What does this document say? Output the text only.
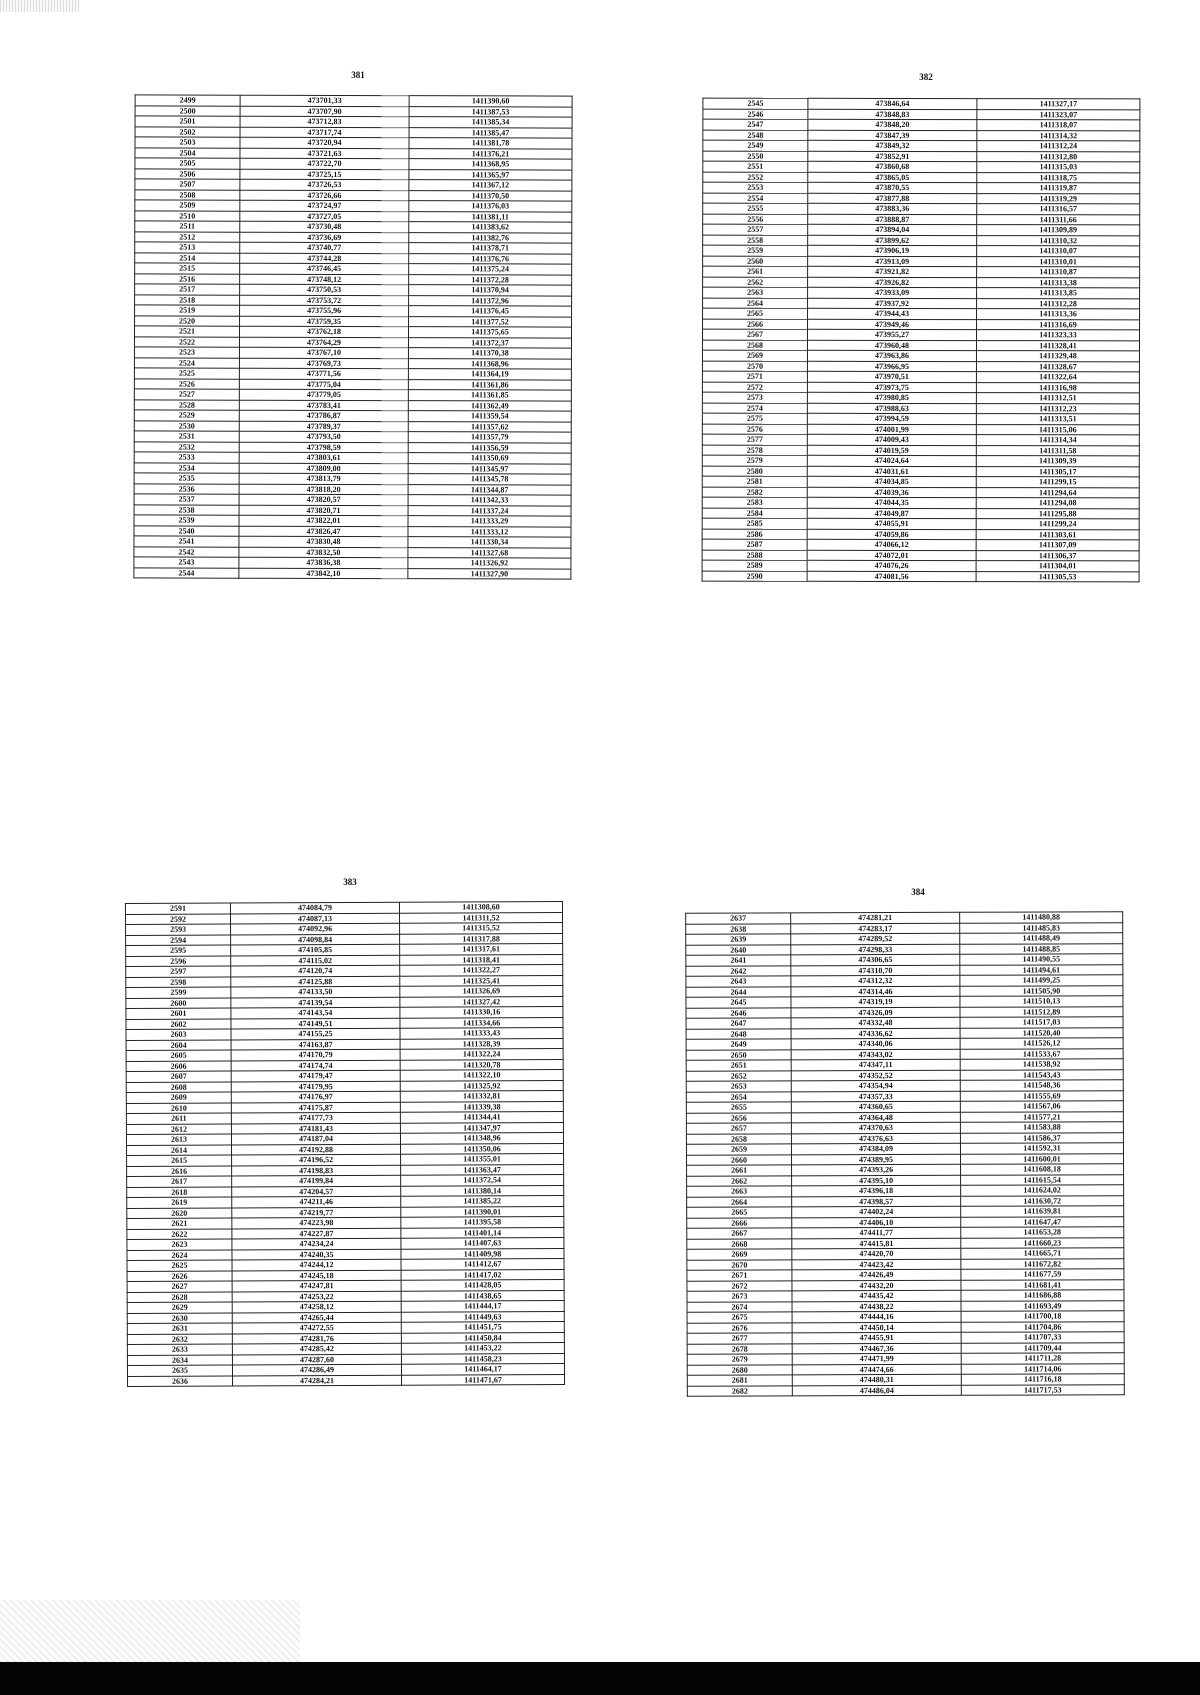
381
2499	473701,33	1411390,60
2500	473707,90	1411387,53
2501	473712,83	1411385,34
2502	473717,74	1411385,47
2503	473720,94	1411381,78
2504	473721,63	1411376,21
2505	473722,70	1411368,95
2506	473725,15	1411365,97
2507	473726,53	1411367,12
2508	473726,66	1411370,50
2509	473724,97	1411376,03
2510	473727,05	1411381,11
2511	473730,48	1411383,62
2512	473736,69	1411382,76
2513	473740,77	1411378,71
2514	473744,28	1411376,76
2515	473746,45	1411375,24
2516	473748,12	1411372,28
2517	473750,53	1411370,94
2518	473753,72	1411372,96
2519	473755,96	1411376,45
2520	473759,35	1411377,52
2521	473762,18	1411375,65
2522	473764,29	1411372,37
2523	473767,10	1411370,38
2524	473769,73	1411368,96
2525	473771,56	1411364,19
2526	473775,04	1411361,86
2527	473779,05	1411361,85
2528	473783,41	1411362,49
2529	473786,87	1411359,54
2530	473789,37	1411357,62
2531	473793,50	1411357,79
2532	473798,59	1411356,59
2533	473803,61	1411350,69
2534	473809,00	1411345,97
2535	473813,79	1411345,78
2536	473818,20	1411344,87
2537	473820,57	1411342,33
2538	473820,71	1411337,24
2539	473822,01	1411333,29
2540	473826,47	1411333,12
2541	473830,48	1411330,34
2542	473832,50	1411327,68
2543	473836,38	1411326,92
2544	473842,10	1411327,90
382
2545	473846,64	1411327,17
2546	473848,83	1411323,07
2547	473848,20	1411318,07
2548	473847,39	1411314,32
2549	473849,32	1411312,24
2550	473852,91	1411312,80
2551	473860,68	1411315,03
2552	473865,05	1411318,75
2553	473870,55	1411319,87
2554	473877,88	1411319,29
2555	473883,36	1411316,57
2556	473888,87	1411311,66
2557	473894,04	1411309,89
2558	473899,62	1411310,32
2559	473906,19	1411310,07
2560	473913,09	1411310,01
2561	473921,82	1411310,87
2562	473926,82	1411313,38
2563	473933,09	1411313,85
2564	473937,92	1411312,28
2565	473944,43	1411313,36
2566	473949,46	1411316,69
2567	473955,27	1411323,33
2568	473960,48	1411328,41
2569	473963,86	1411329,48
2570	473966,95	1411328,67
2571	473970,51	1411322,64
2572	473973,75	1411316,98
2573	473980,85	1411312,51
2574	473988,63	1411312,23
2575	473994,59	1411313,51
2576	474001,99	1411315,06
2577	474009,43	1411314,34
2578	474019,59	1411311,58
2579	474024,64	1411309,39
2580	474031,61	1411305,17
2581	474034,85	1411299,15
2582	474039,36	1411294,64
2583	474044,35	1411294,08
2584	474049,87	1411295,88
2585	474055,91	1411299,24
2586	474059,86	1411303,61
2587	474066,12	1411307,09
2588	474072,01	1411306,37
2589	474076,26	1411304,01
2590	474081,56	1411305,53
383
2591	474084,79	1411308,60
2592	474087,13	1411311,52
2593	474092,96	1411315,52
2594	474098,84	1411317,88
2595	474105,85	1411317,61
2596	474115,02	1411318,41
2597	474120,74	1411322,27
2598	474125,88	1411325,41
2599	474133,50	1411326,69
2600	474139,54	1411327,42
2601	474143,54	1411330,16
2602	474149,51	1411334,66
2603	474155,25	1411333,43
2604	474163,87	1411328,39
2605	474170,79	1411322,24
2606	474174,74	1411320,78
2607	474179,47	1411322,10
2608	474179,95	1411325,92
2609	474176,97	1411332,81
2610	474175,87	1411339,38
2611	474177,73	1411344,41
2612	474181,43	1411347,97
2613	474187,04	1411348,96
2614	474192,88	1411350,06
2615	474196,52	1411355,01
2616	474198,83	1411363,47
2617	474199,84	1411372,54
2618	474204,57	1411380,14
2619	474211,46	1411385,22
2620	474219,77	1411390,01
2621	474223,98	1411395,58
2622	474227,87	1411401,14
2623	474234,24	1411407,63
2624	474240,35	1411409,98
2625	474244,12	1411412,67
2626	474245,18	1411417,02
2627	474247,81	1411428,05
2628	474253,22	1411438,65
2629	474258,12	1411444,17
2630	474265,44	1411449,63
2631	474272,55	1411451,75
2632	474281,76	1411450,84
2633	474285,42	1411453,22
2634	474287,60	1411458,23
2635	474286,49	1411464,17
2636	474284,21	1411471,67
384
2637	474281,21	1411480,88
2638	474283,17	1411485,83
2639	474289,52	1411488,49
2640	474298,33	1411488,85
2641	474306,65	1411490,55
2642	474310,70	1411494,61
2643	474312,32	1411499,25
2644	474314,46	1411505,90
2645	474319,19	1411510,13
2646	474326,09	1411512,89
2647	474332,48	1411517,03
2648	474336,62	1411520,40
2649	474340,06	1411526,12
2650	474343,02	1411533,67
2651	474347,11	1411538,92
2652	474352,52	1411543,43
2653	474354,94	1411548,36
2654	474357,33	1411555,69
2655	474360,65	1411567,06
2656	474364,48	1411577,21
2657	474370,63	1411583,88
2658	474376,63	1411586,37
2659	474384,09	1411592,31
2660	474389,95	1411600,01
2661	474393,26	1411608,18
2662	474395,10	1411615,54
2663	474396,18	1411624,02
2664	474398,57	1411630,72
2665	474402,24	1411639,81
2666	474406,10	1411647,47
2667	474411,77	1411653,28
2668	474415,81	1411660,23
2669	474420,70	1411665,71
2670	474423,42	1411672,82
2671	474426,49	1411677,59
2672	474432,20	1411681,41
2673	474435,42	1411686,88
2674	474438,22	1411693,49
2675	474444,16	1411700,18
2676	474450,14	1411704,86
2677	474455,91	1411707,33
2678	474467,36	1411709,44
2679	474471,99	1411711,28
2680	474474,66	1411714,06
2681	474480,31	1411716,18
2682	474486,04	1411717,53
